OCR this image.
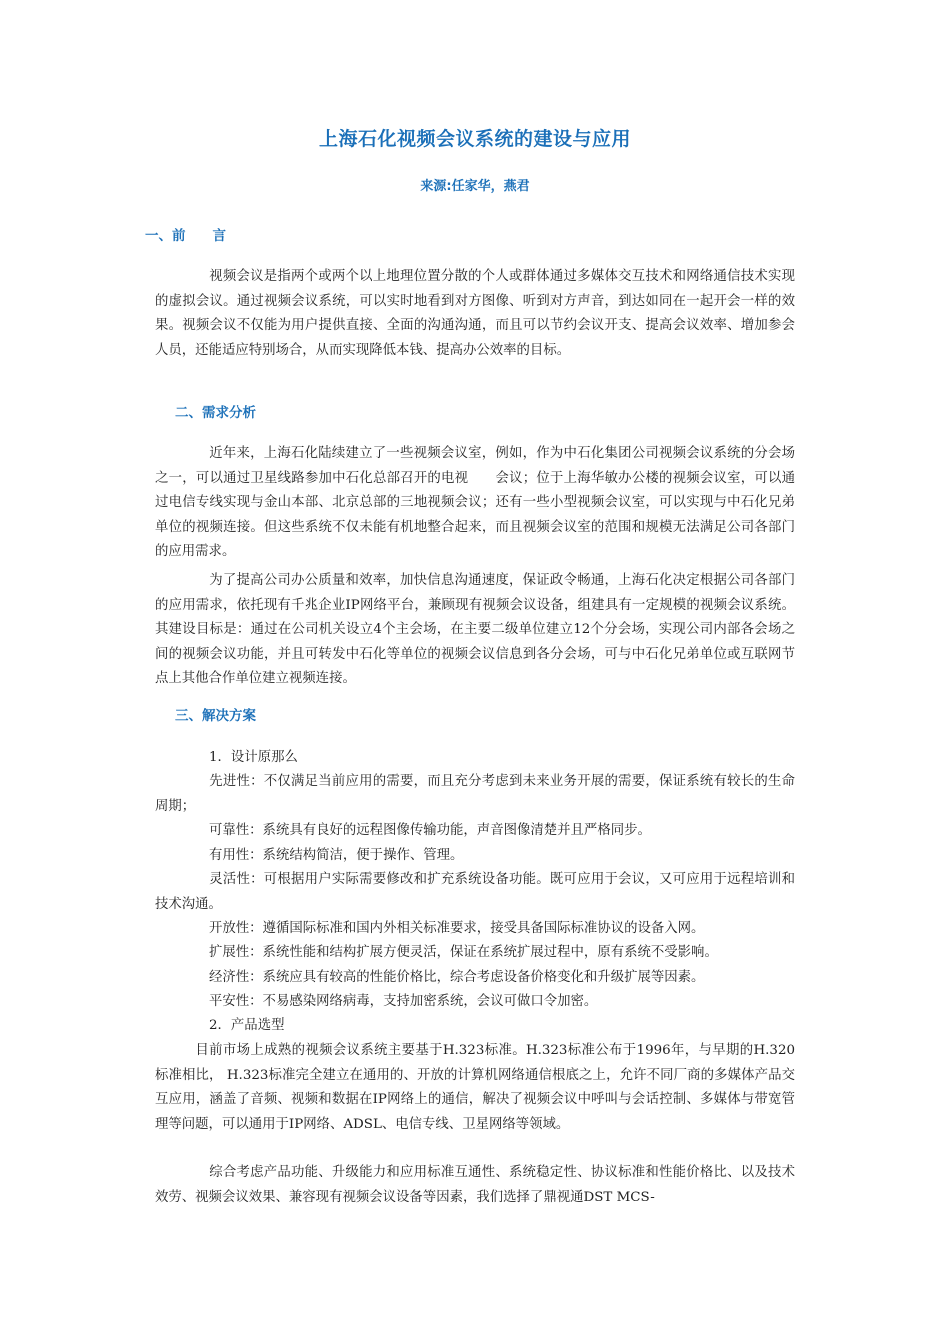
上海石化视频会议系统的建设与应用
来源:任家华，燕君
一、前　　言
视频会议是指两个或两个以上地理位置分散的个人或群体通过多媒体交互技术和网络通信技术实现的虚拟会议。通过视频会议系统，可以实时地看到对方图像、听到对方声音，到达如同在一起开会一样的效果。视频会议不仅能为用户提供直接、全面的沟通沟通，而且可以节约会议开支、提高会议效率、增加参会人员，还能适应特别场合，从而实现降低本钱、提高办公效率的目标。
二、需求分析
近年来，上海石化陆续建立了一些视频会议室，例如，作为中石化集团公司视频会议系统的分会场之一，可以通过卫星线路参加中石化总部召开的电视　　会议；位于上海华敏办公楼的视频会议室，可以通过电信专线实现与金山本部、北京总部的三地视频会议；还有一些小型视频会议室，可以实现与中石化兄弟单位的视频连接。但这些系统不仅未能有机地整合起来，而且视频会议室的范围和规模无法满足公司各部门的应用需求。
为了提高公司办公质量和效率，加快信息沟通速度，保证政令畅通，上海石化决定根据公司各部门的应用需求，依托现有千兆企业IP网络平台，兼顾现有视频会议设备，组建具有一定规模的视频会议系统。其建设目标是：通过在公司机关设立4个主会场，在主要二级单位建立12个分会场，实现公司内部各会场之间的视频会议功能，并且可转发中石化等单位的视频会议信息到各分会场，可与中石化兄弟单位或互联网节点上其他合作单位建立视频连接。
三、解决方案
1．设计原那么
先进性：不仅满足当前应用的需要，而且充分考虑到未来业务开展的需要，保证系统有较长的生命周期；
可靠性：系统具有良好的远程图像传输功能，声音图像清楚并且严格同步。
有用性：系统结构简洁，便于操作、管理。
灵活性：可根据用户实际需要修改和扩充系统设备功能。既可应用于会议，又可应用于远程培训和技术沟通。
开放性：遵循国际标准和国内外相关标准要求，接受具备国际标准协议的设备入网。
扩展性：系统性能和结构扩展方便灵活，保证在系统扩展过程中，原有系统不受影响。
经济性：系统应具有较高的性能价格比，综合考虑设备价格变化和升级扩展等因素。
平安性：不易感染网络病毒，支持加密系统，会议可做口令加密。
2．产品选型
目前市场上成熟的视频会议系统主要基于H.323标准。H.323标准公布于1996年，与早期的H.320标准相比， H.323标准完全建立在通用的、开放的计算机网络通信根底之上，允许不同厂商的多媒体产品交互应用，涵盖了音频、视频和数据在IP网络上的通信，解决了视频会议中呼叫与会话控制、多媒体与带宽管理等问题，可以通用于IP网络、ADSL、电信专线、卫星网络等领域。
综合考虑产品功能、升级能力和应用标准互通性、系统稳定性、协议标准和性能价格比、以及技术效劳、视频会议效果、兼容现有视频会议设备等因素，我们选择了鼎视通DST MCS-
